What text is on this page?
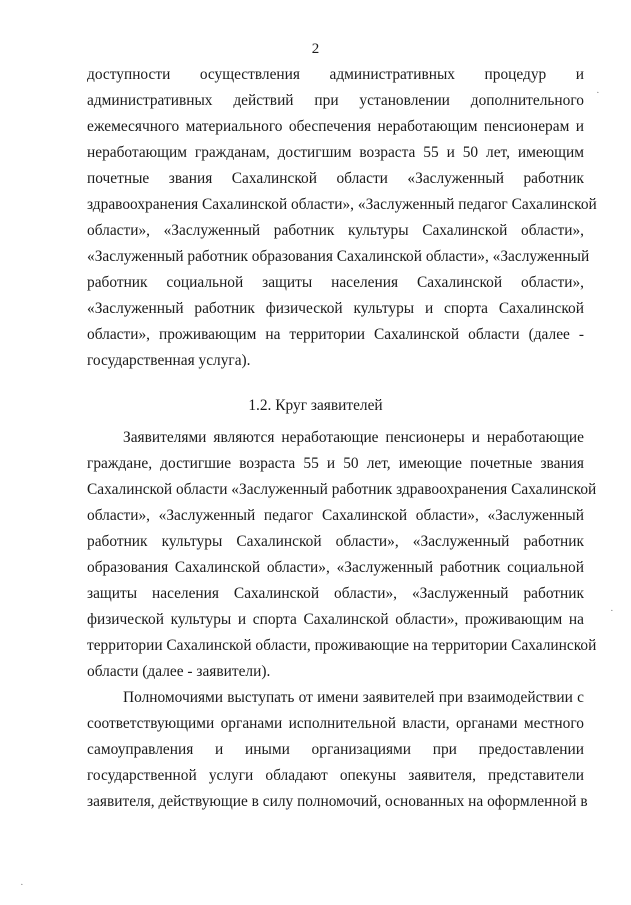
2
доступности осуществления административных процедур и
административных действий при установлении дополнительного
ежемесячного материального обеспечения неработающим пенсионерам и
неработающим гражданам, достигшим возраста 55 и 50 лет, имеющим
почетные звания Сахалинской области «Заслуженный работник
здравоохранения Сахалинской области», «Заслуженный педагог Сахалинской
области», «Заслуженный работник культуры Сахалинской области»,
«Заслуженный работник образования Сахалинской области», «Заслуженный
работник социальной защиты населения Сахалинской области»,
«Заслуженный работник физической культуры и спорта Сахалинской
области», проживающим на территории Сахалинской области (далее -
государственная услуга).
1.2. Круг заявителей
Заявителями являются неработающие пенсионеры и неработающие
граждане, достигшие возраста 55 и 50 лет, имеющие почетные звания
Сахалинской области «Заслуженный работник здравоохранения Сахалинской
области», «Заслуженный педагог Сахалинской области», «Заслуженный
работник культуры Сахалинской области», «Заслуженный работник
образования Сахалинской области», «Заслуженный работник социальной
защиты населения Сахалинской области», «Заслуженный работник
физической культуры и спорта Сахалинской области», проживающим на
территории Сахалинской области, проживающие на территории Сахалинской
области (далее - заявители).
Полномочиями выступать от имени заявителей при взаимодействии с
соответствующими органами исполнительной власти, органами местного
самоуправления и иными организациями при предоставлении
государственной услуги обладают опекуны заявителя, представители
заявителя, действующие в силу полномочий, основанных на оформленной в
·
·
·
